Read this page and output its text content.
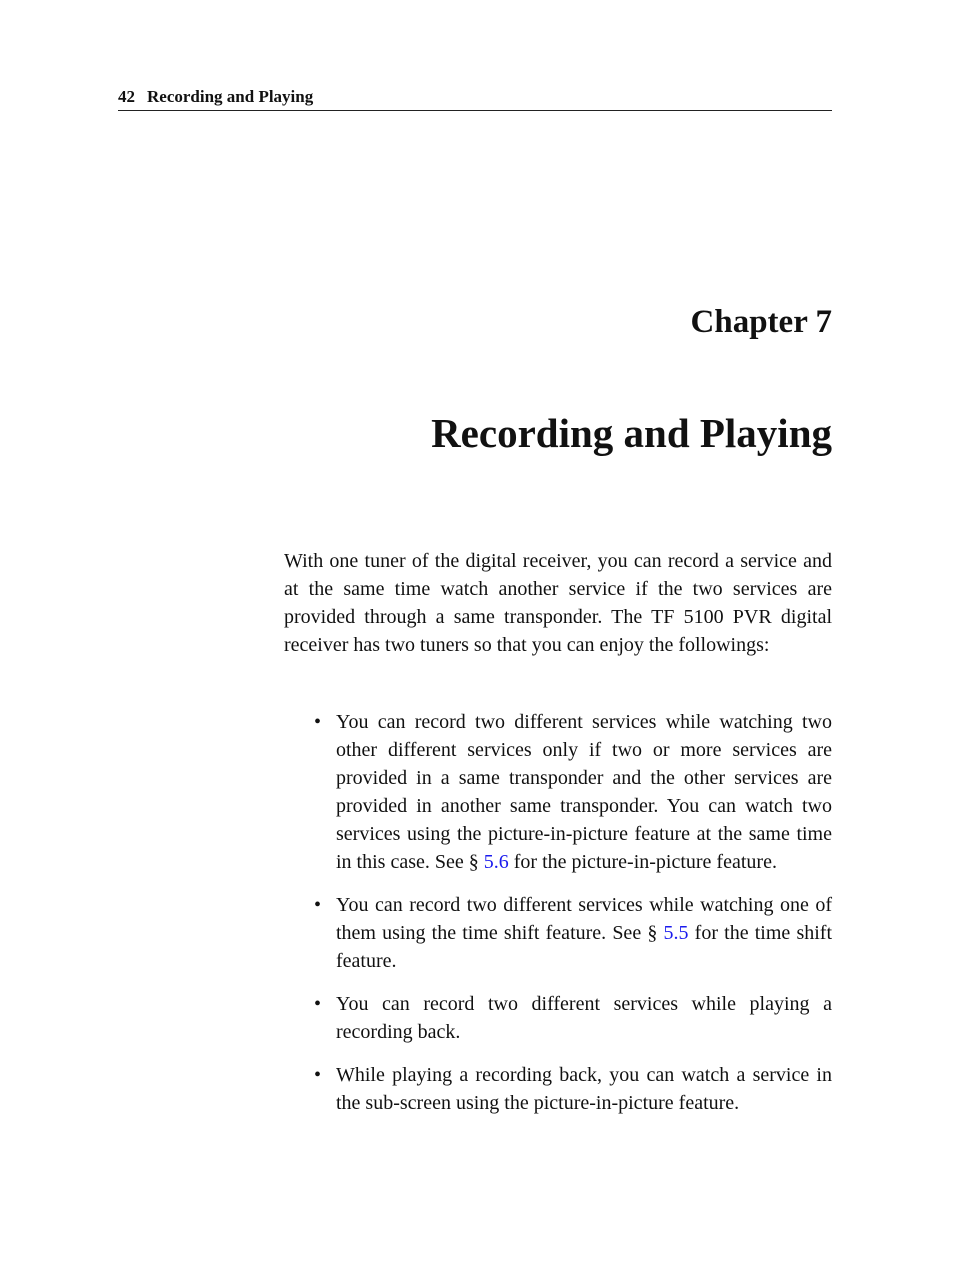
42 Recording and Playing
Chapter 7
Recording and Playing

With one tuner of the digital receiver, you can record a service and at the same time watch another service if the two services are provided through a same transponder. The TF 5100 PVR digital receiver has two tuners so that you can enjoy the followings:

• You can record two different services while watching two other different services only if two or more services are provided in a same transponder and the other services are provided in another same transponder. You can watch two services using the picture-in-picture feature at the same time in this case. See § 5.6 for the picture-in-picture feature.
• You can record two different services while watching one of them using the time shift feature. See § 5.5 for the time shift feature.
• You can record two different services while playing a recording back.
• While playing a recording back, you can watch a service in the sub-screen using the picture-in-picture feature.
